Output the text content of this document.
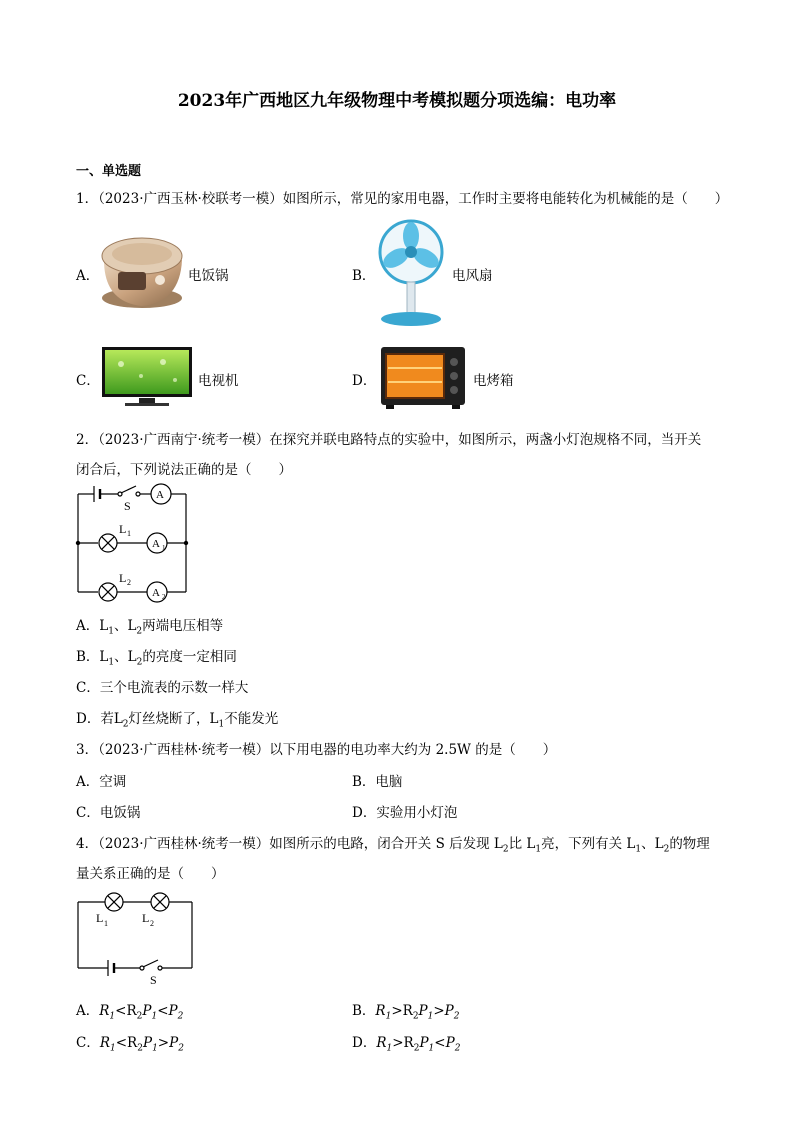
2023年广西地区九年级物理中考模拟题分项选编：电功率
一、单选题
1．（2023·广西玉林·校联考一模）如图所示，常见的家用电器，工作时主要将电能转化为机械能的是（　　）
A．	电饭锅	B．	电风扇
C．	电视机	D．	电烤箱
2．（2023·广西南宁·统考一模）在探究并联电路特点的实验中，如图所示，两盏小灯泡规格不同，当开关
闭合后，下列说法正确的是（　　）
S
A
A 1
A 2
L 1
L 2
A．$L_1$、$L_2$两端电压相等
B．$L_1$、$L_2$的亮度一定相同
C．三个电流表的示数一样大
D．若$L_2$灯丝烧断了，$L_1$不能发光
3．（2023·广西桂林·统考一模）以下用电器的电功率大约为 2.5W 的是（　　）
A．空调	B．电脑
C．电饭锅	D．实验用小灯泡
4．（2023·广西桂林·统考一模）如图所示的电路，闭合开关 S 后发现 $L_2$比 $L_1$亮，下列有关 $L_1$、$L_2$的物理
量关系正确的是（　　）
L 1	L 2
S
A．$R_1<R_2P_1<P_2$	B．$R_1>R_2P_1>P_2$
C．$R_1<R_2P_1>P_2$	D．$R_1>R_2P_1<P_2$
